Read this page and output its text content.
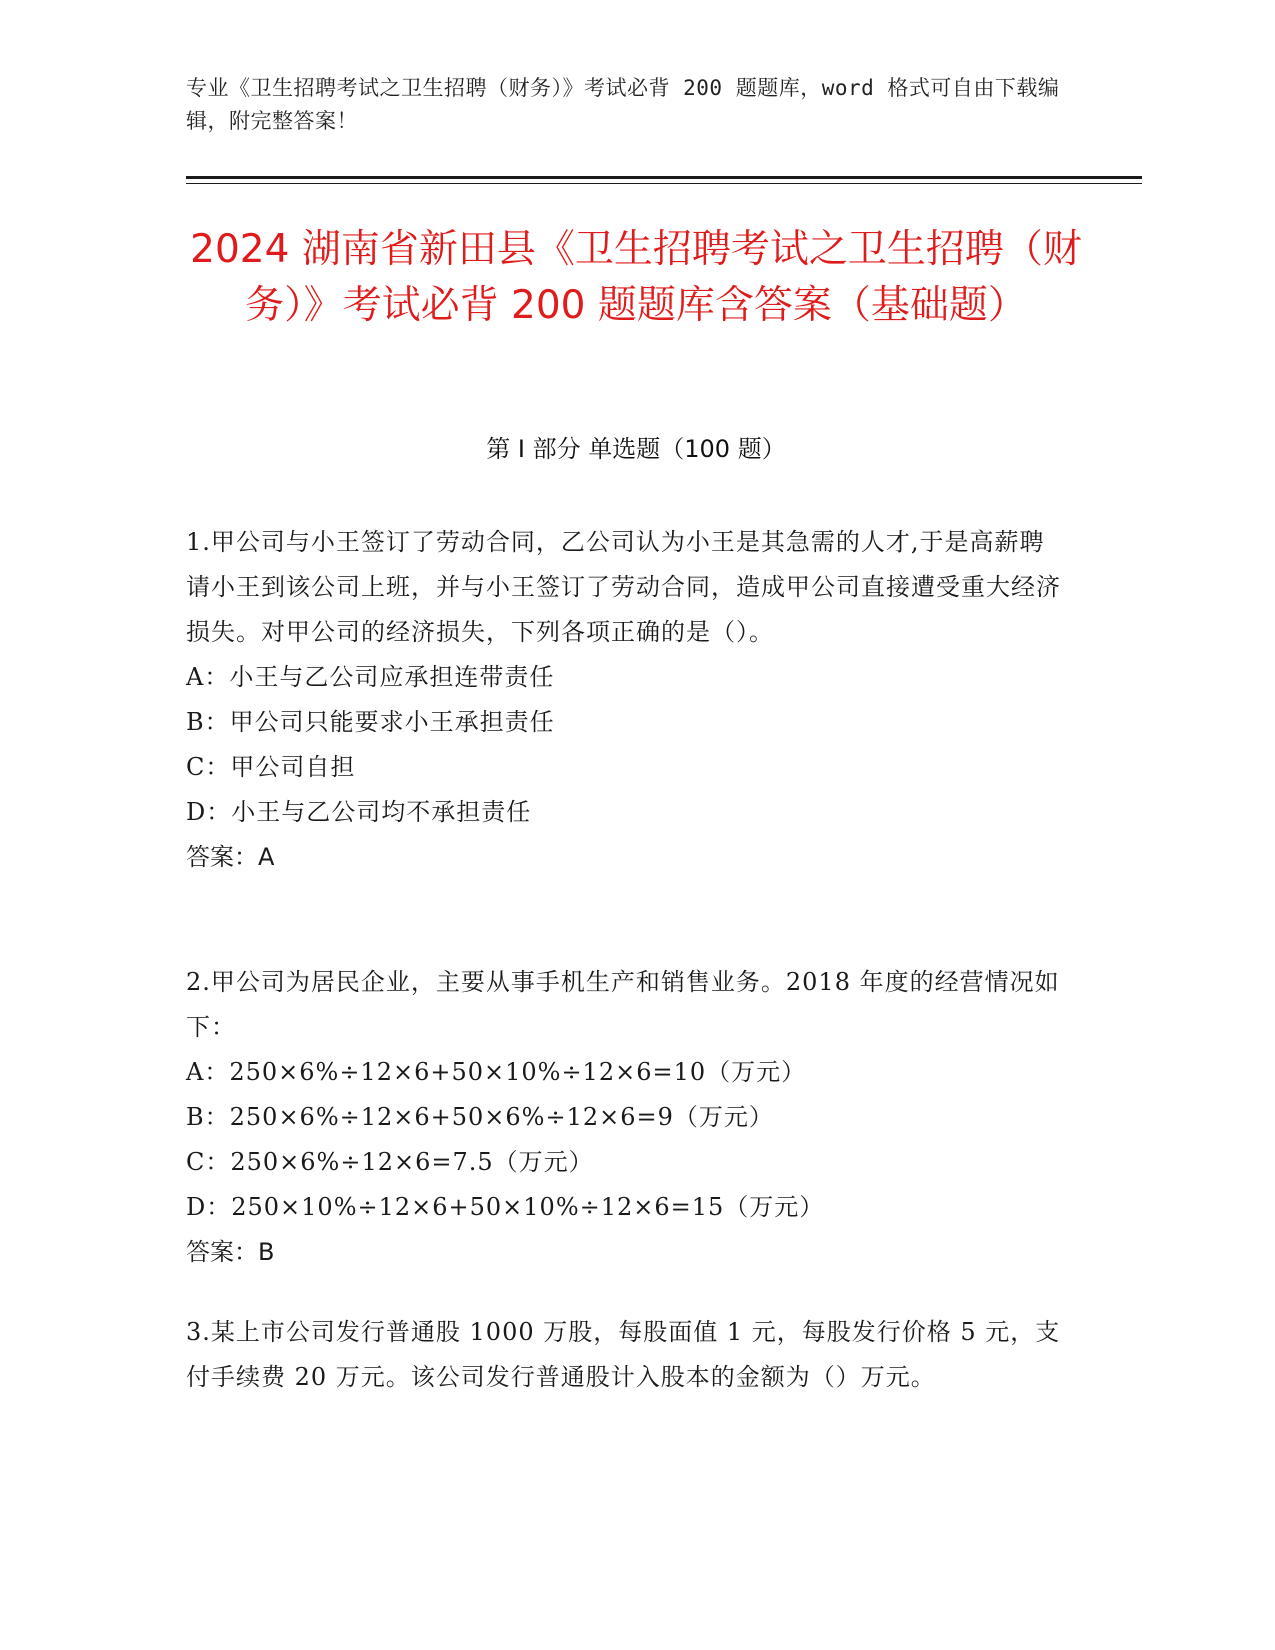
专业《卫生招聘考试之卫生招聘（财务）》考试必背 200 题题库，word 格式可自由下载编辑，附完整答案！
2024 湖南省新田县《卫生招聘考试之卫生招聘（财务）》考试必背 200 题题库含答案（基础题）
第 I 部分 单选题（100 题）

1.甲公司与小王签订了劳动合同，乙公司认为小王是其急需的人才,于是高薪聘请小王到该公司上班，并与小王签订了劳动合同，造成甲公司直接遭受重大经济损失。对甲公司的经济损失，下列各项正确的是（）。

A：小王与乙公司应承担连带责任

B：甲公司只能要求小王承担责任

C：甲公司自担

D：小王与乙公司均不承担责任

答案：A

2.甲公司为居民企业，主要从事手机生产和销售业务。2018 年度的经营情况如下：

A：250×6%÷12×6+50×10%÷12×6=10（万元）

B：250×6%÷12×6+50×6%÷12×6=9（万元）

C：250×6%÷12×6=7.5（万元）

D：250×10%÷12×6+50×10%÷12×6=15（万元）

答案：B

3.某上市公司发行普通股 1000 万股，每股面值 1 元，每股发行价格 5 元，支付手续费 20 万元。该公司发行普通股计入股本的金额为（）万元。
